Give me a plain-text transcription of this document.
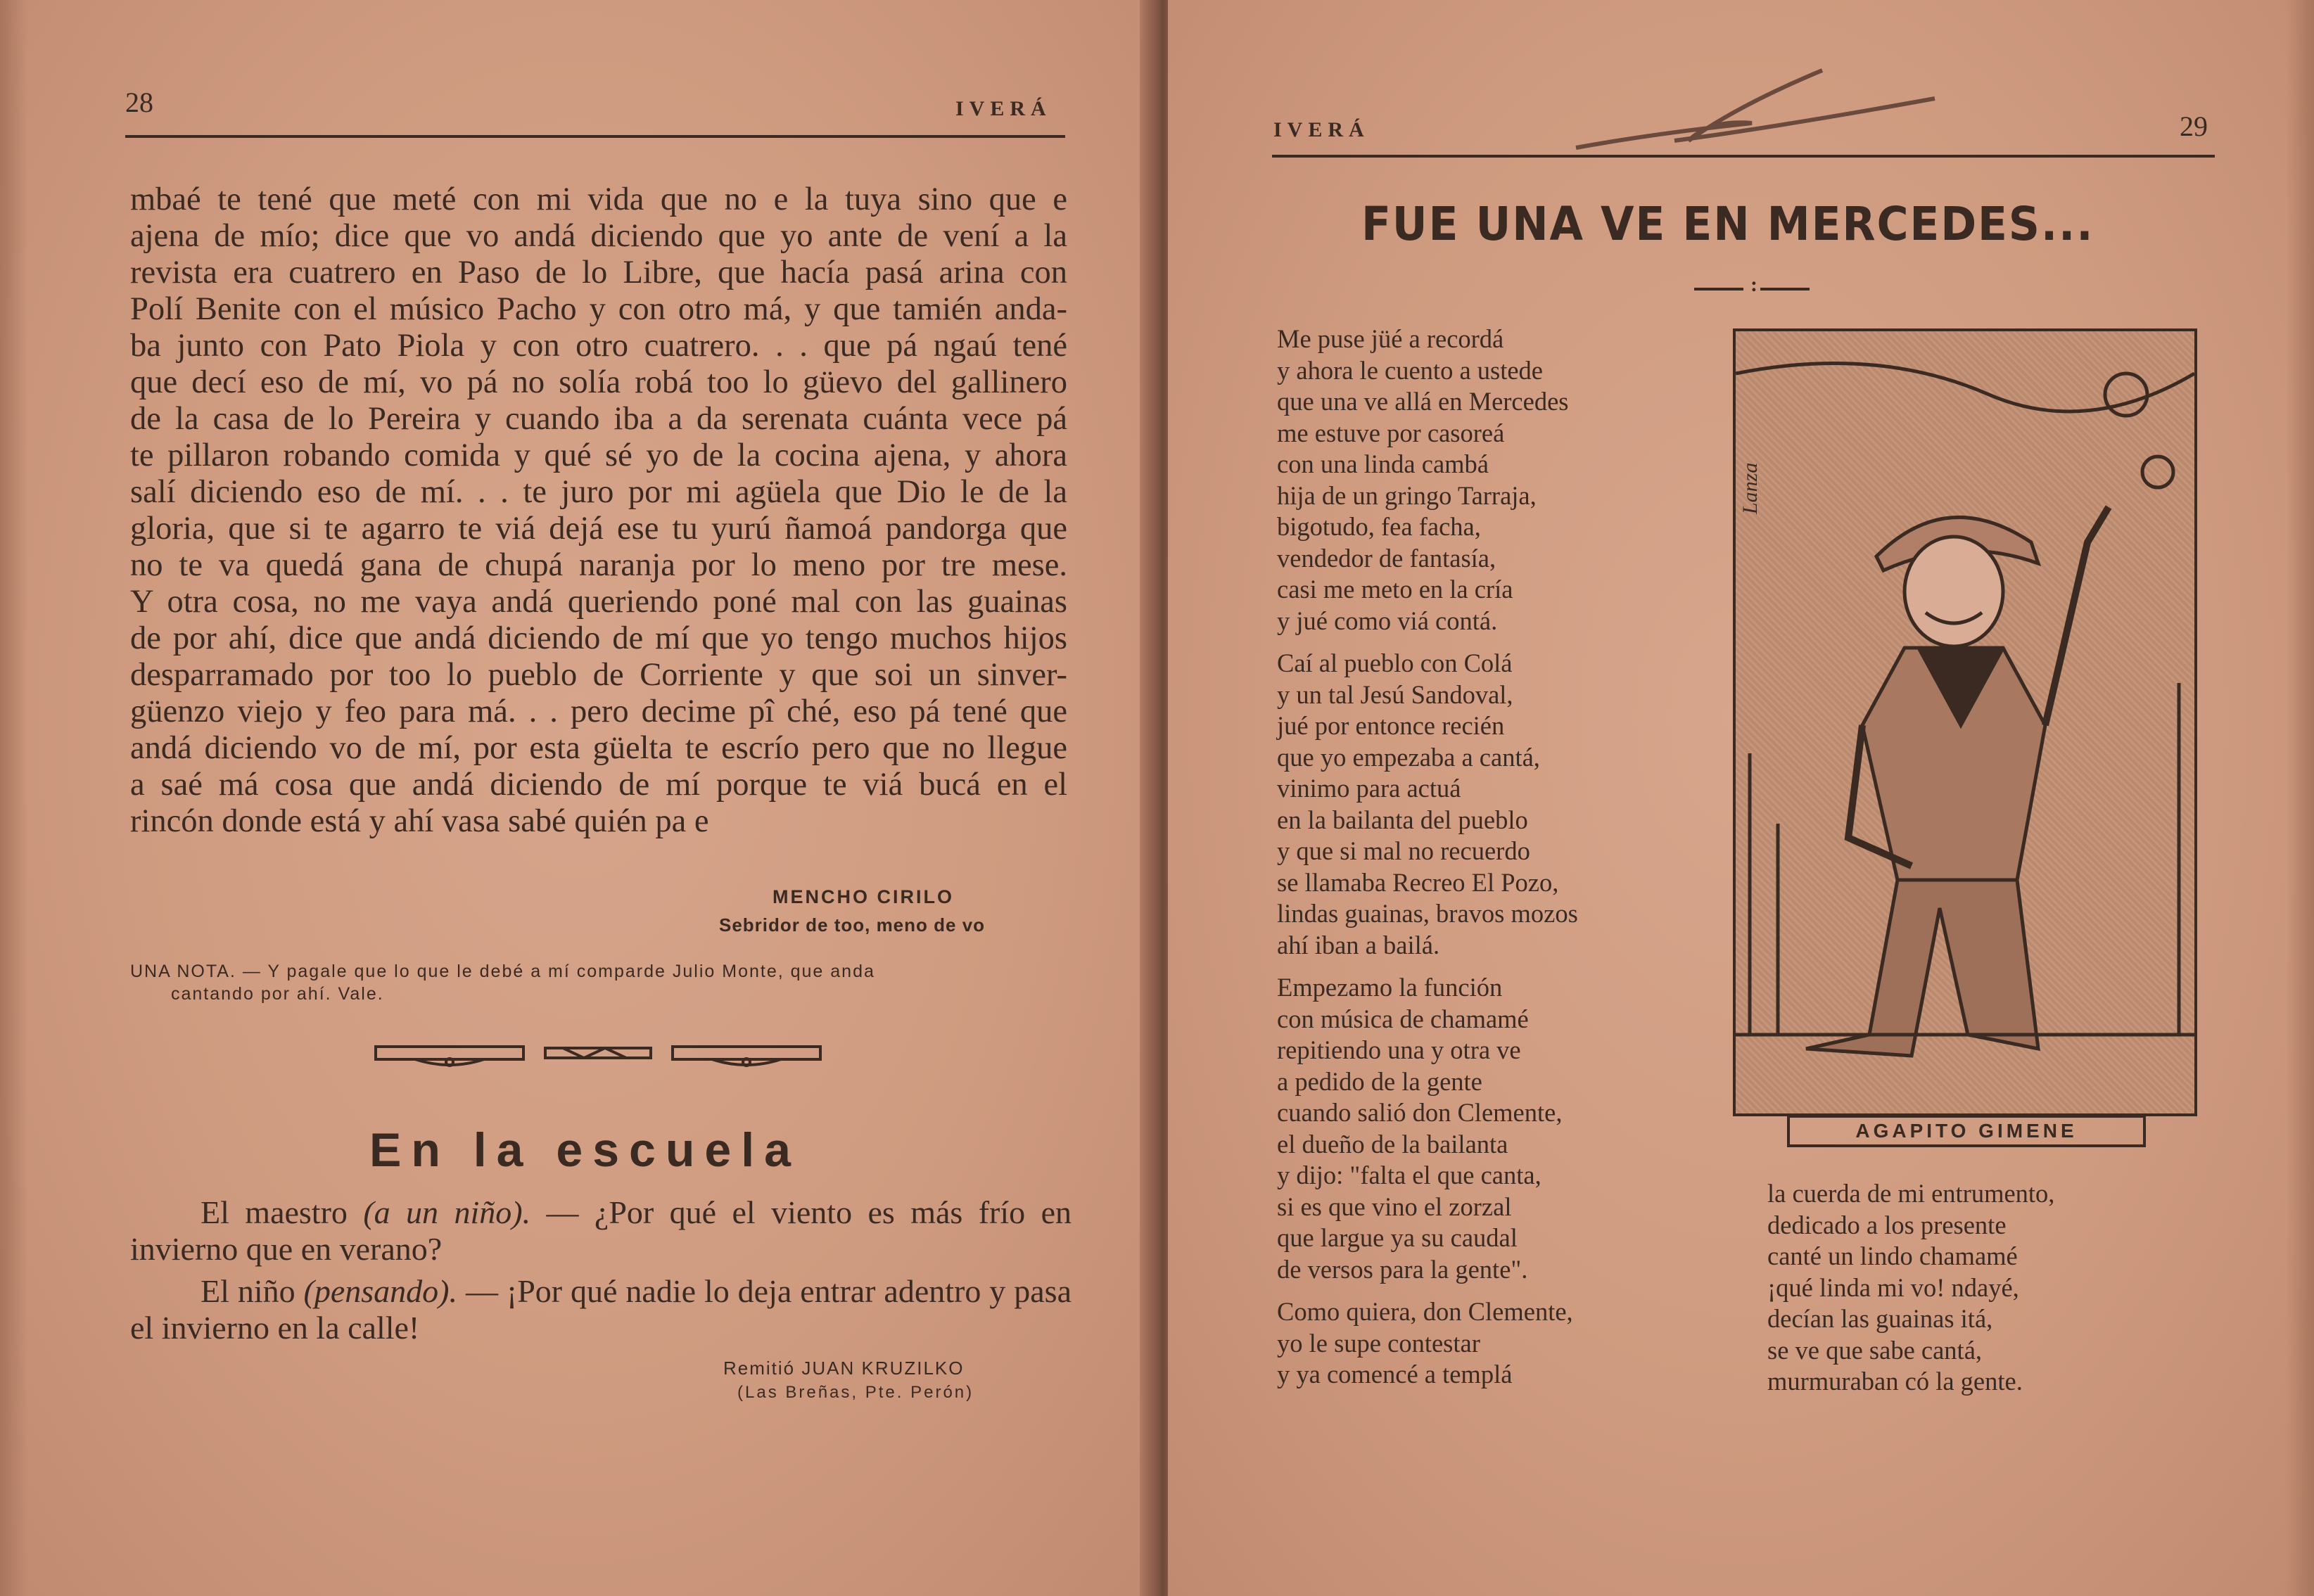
28	IVERÁ
mbaé te tené que meté con mi vida que no e la tuya sino que e
ajena de mío; dice que vo andá diciendo que yo ante de vení a la
revista era cuatrero en Paso de lo Libre, que hacía pasá arina con
Polí Benite con el músico Pacho y con otro má, y que tamién anda-
ba junto con Pato Piola y con otro cuatrero. . . que pá ngaú tené
que decí eso de mí, vo pá no solía robá too lo güevo del gallinero
de la casa de lo Pereira y cuando iba a da serenata cuánta vece pá
te pillaron robando comida y qué sé yo de la cocina ajena, y ahora
salí diciendo eso de mí. . . te juro por mi agüela que Dio le de la
gloria, que si te agarro te viá dejá ese tu yurú ñamoá pandorga que
no te va quedá gana de chupá naranja por lo meno por tre mese.
Y otra cosa, no me vaya andá queriendo poné mal con las guainas
de por ahí, dice que andá diciendo de mí que yo tengo muchos hijos
desparramado por too lo pueblo de Corriente y que soi un sinver-
güenzo viejo y feo para má. . . pero decime pî ché, eso pá tené que
andá diciendo vo de mí, por esta güelta te escrío pero que no llegue
a saé má cosa que andá diciendo de mí porque te viá bucá en el
rincón donde está y ahí vasa sabé quién pa e
MENCHO CIRILO
Sebridor de too, meno de vo
UNA NOTA. — Y pagale que lo que le debé a mí comparde Julio Monte, que anda
cantando por ahí. Vale.
En la escuela

El maestro (a un niño). — ¿Por qué el viento es más frío en invierno que en verano?

El niño (pensando). — ¡Por qué nadie lo deja entrar adentro y pasa el invierno en la calle!

Remitió JUAN KRUZILKO
(Las Breñas, Pte. Perón)
IVERÁ	29
FUE UNA VE EN MERCEDES...
:
Me puse jüé a recordá
y ahora le cuento a ustede
que una ve allá en Mercedes
me estuve por casoreá
con una linda cambá
hija de un gringo Tarraja,
bigotudo, fea facha,
vendedor de fantasía,
casi me meto en la cría
y jué como viá contá.
Caí al pueblo con Colá
y un tal Jesú Sandoval,
jué por entonce recién
que yo empezaba a cantá,
vinimo para actuá
en la bailanta del pueblo
y que si mal no recuerdo
se llamaba Recreo El Pozo,
lindas guainas, bravos mozos
ahí iban a bailá.
Empezamo la función
con música de chamamé
repitiendo una y otra ve
a pedido de la gente
cuando salió don Clemente,
el dueño de la bailanta
y dijo: "falta el que canta,
si es que vino el zorzal
que largue ya su caudal
de versos para la gente".
Como quiera, don Clemente,
yo le supe contestar
y ya comencé a templá
Lanza
AGAPITO GIMENE
la cuerda de mi entrumento,
dedicado a los presente
canté un lindo chamamé
¡qué linda mi vo! ndayé,
decían las guainas itá,
se ve que sabe cantá,
murmuraban có la gente.
